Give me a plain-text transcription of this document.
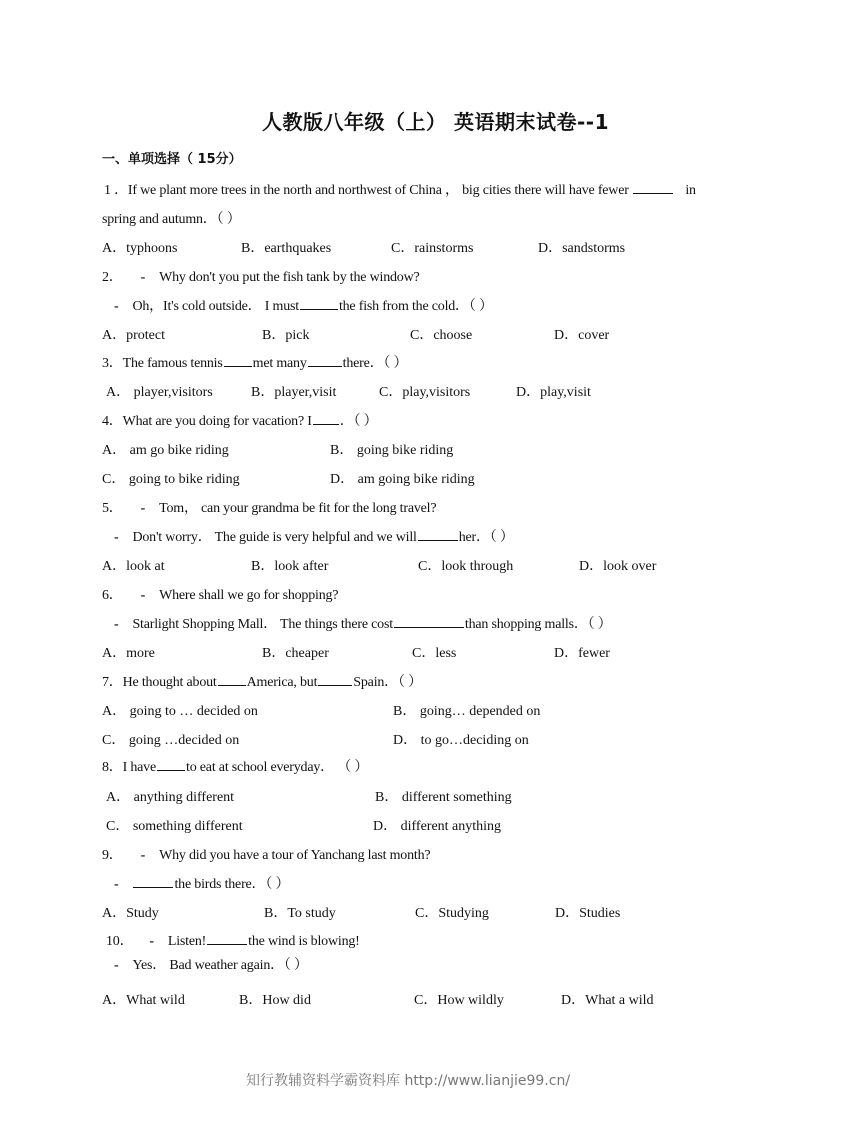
人教版八年级（上） 英语期末试卷--1
一、单项选择（ 15分）
1 ．If we plant more trees in the north and northwest of China ， big cities there will have fewer	in
spring and autumn．（ ）
A．typhoons	B．earthquakes	C．rainstorms	D．sandstorms
2． - Why don't you put the fish tank by the window?
- Oh，It's cold outside． I must	the fish from the cold．（ ）
A．protect	B．pick	C．choose	D．cover
3．The famous tennis met many	there．（ ）
A． player,visitors	B．player,visit	C．play,visitors	D．play,visit
4．What are you doing for vacation? I ．（ ）
A． am go bike riding	B． going bike riding
C． going to bike riding	D． am going bike riding
5． - Tom， can your grandma be fit for the long travel?
- Don't worry． The guide is very helpful and we will	her．（ ）
A．look at	B．look after	C．look through	D．look over
6． - Where shall we go for shopping?
- Starlight Shopping Mall． The things there cost	than shopping malls．（ ）
A．more	B．cheaper	C．less	D．fewer
7．He thought about America, but	Spain．（ ）
A． going to … decided on	B． going… depended on
C． going …decided on	D． to go…deciding on
8．I have to eat at school everyday． （ ）
A． anything different	B． different something
C． something different	D． different anything
9． - Why did you have a tour of Yanchang last month?
-	the birds there．（ ）
A．Study	B．To study	C．Studying	D．Studies
10． - Listen!	the wind is blowing!
- Yes． Bad weather again．（ ）
A．What wild	B．How did	C．How wildly	D．What a wild
知行教辅资料学霸资料库 http://www.lianjie99.cn/
